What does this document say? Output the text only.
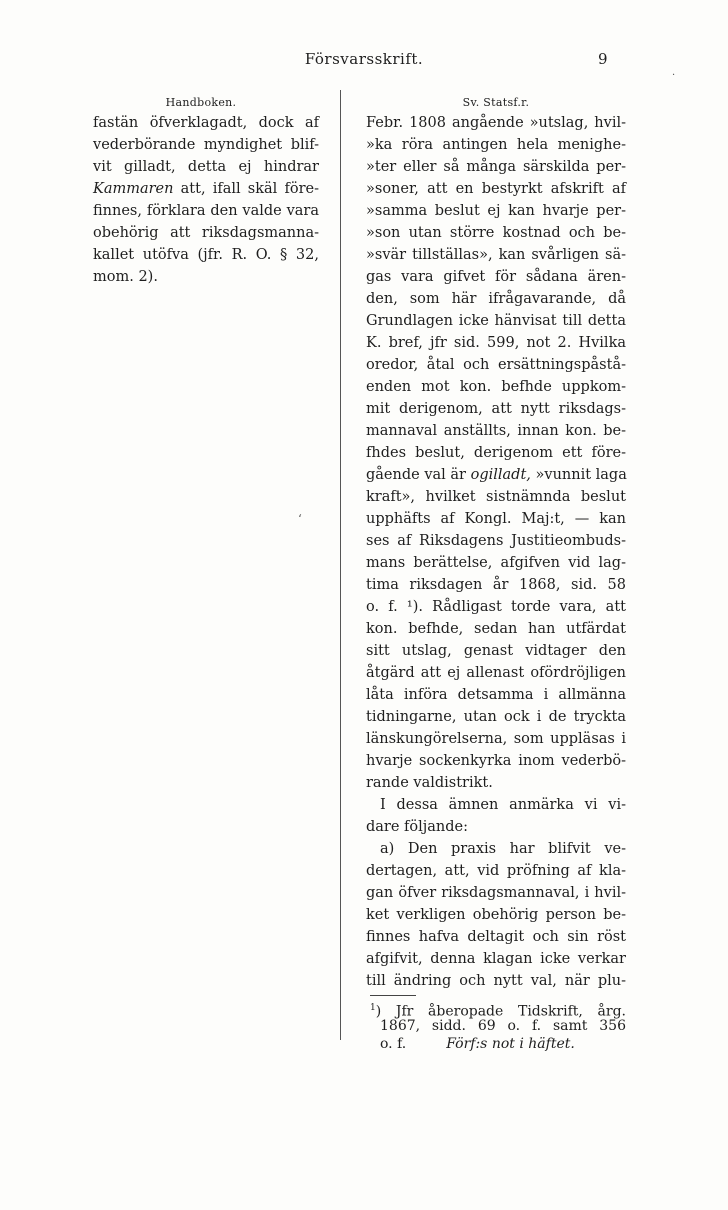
Försvarsskrift.	9
·
ʻ
Handboken.
fastän öfverklagadt, dock af
vederbörande myndighet blif-
vit gilladt, detta ej hindrar
Kammaren att, ifall skäl före-
finnes, förklara den valde vara
obehörig att riksdagsmanna-
kallet utöfva (jfr. R. O. § 32,
mom. 2).
Sv. Statsf.r.
Febr. 1808 angående »utslag, hvil-
»ka röra antingen hela menighe-
»ter eller så många särskilda per-
»soner, att en bestyrkt afskrift af
»samma beslut ej kan hvarje per-
»son utan större kostnad och be-
»svär tillställas», kan svårligen sä-
gas vara gifvet för sådana ären-
den, som här ifrågavarande, då
Grundlagen icke hänvisat till detta
K. bref, jfr sid. 599, not 2. Hvilka
oredor, åtal och ersättningspåstå-
enden mot kon. befhde uppkom-
mit derigenom, att nytt riksdags-
mannaval anställts, innan kon. be-
fhdes beslut, derigenom ett före-
gående val är ogilladt, »vunnit laga
kraft», hvilket sistnämnda beslut
upphäfts af Kongl. Maj:t, — kan
ses af Riksdagens Justitieombuds-
mans berättelse, afgifven vid lag-
tima riksdagen år 1868, sid. 58
o. f. ¹). Rådligast torde vara, att
kon. befhde, sedan han utfärdat
sitt utslag, genast vidtager den
åtgärd att ej allenast ofördröjligen
låta införa detsamma i allmänna
tidningarne, utan ock i de tryckta
länskungörelserna, som uppläsas i
hvarje sockenkyrka inom vederbö-
rande valdistrikt.
I dessa ämnen anmärka vi vi-
dare följande:
a) Den praxis har blifvit ve-
dertagen, att, vid pröfning af kla-
gan öfver riksdagsmannaval, i hvil-
ket verkligen obehörig person be-
finnes hafva deltagit och sin röst
afgifvit, denna klagan icke verkar
till ändring och nytt val, när plu-
$^1$) Jfr åberopade Tidskrift, årg.
1867, sidd. 69 o. f. samt 356
o. f.	Förf:s not i häftet.
